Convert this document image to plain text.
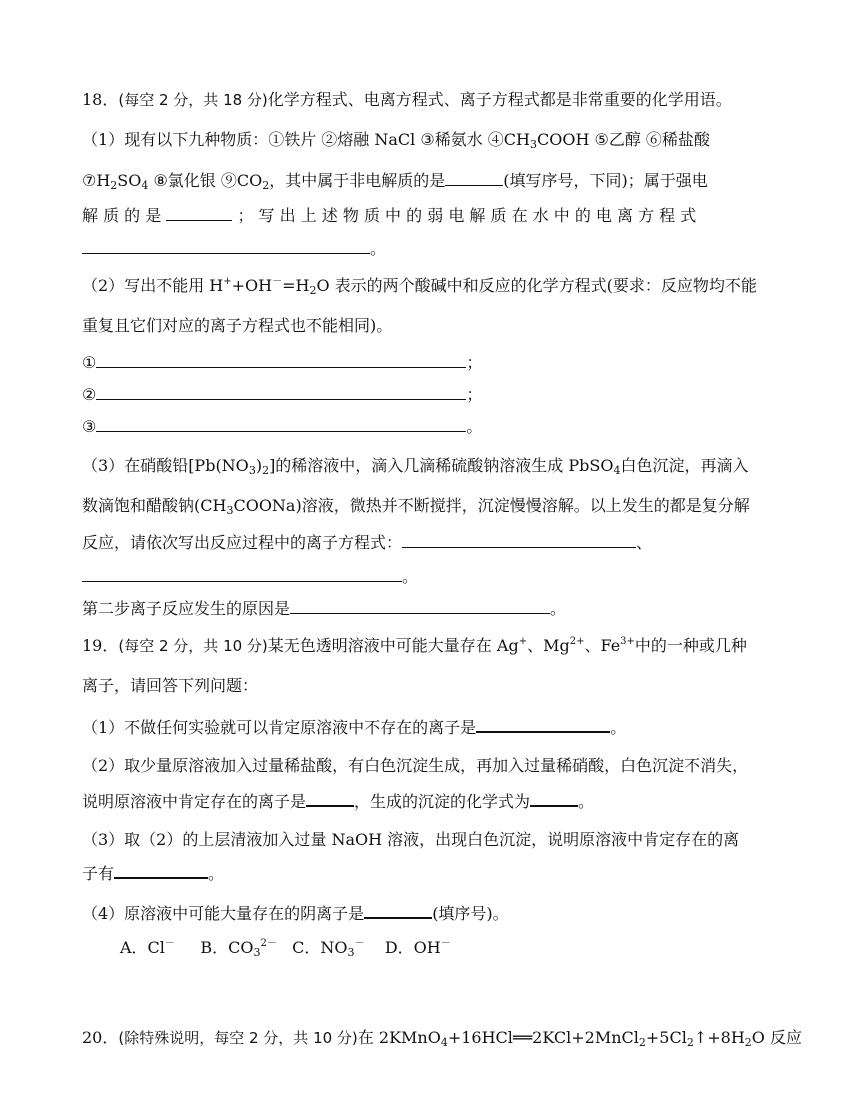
18．(每空 2 分，共 18 分)化学方程式、电离方程式、离子方程式都是非常重要的化学用语。
（1）现有以下九种物质：①铁片 ②熔融 NaCl ③稀氨水 $④CH_3COOH$ ⑤乙醇 ⑥稀盐酸
$⑦H_2SO_4$ ⑧氯化银 $⑨CO_2$，其中属于非电解质的是	(填写序号，下同)；属于强电
解 质 的 是	； 写 出 上 述 物 质 中 的 弱 电 解 质 在 水 中 的 电 离 方 程 式
。
（2）写出不能用 $H^++OH^-=H_2O$ 表示的两个酸碱中和反应的化学方程式(要求：反应物均不能
重复且它们对应的离子方程式也不能相同)。
①	；
②	；
③	。
（3）在硝酸铅$[Pb(NO_3)_2]$的稀溶液中，滴入几滴稀硫酸钠溶液生成 PbSO$_4$白色沉淀，再滴入
数滴饱和醋酸钠$(CH_3COONa)$溶液，微热并不断搅拌，沉淀慢慢溶解。以上发生的都是复分解
反应，请依次写出反应过程中的离子方程式：	、
。
第二步离子反应发生的原因是	。
19．(每空 2 分，共 10 分)某无色透明溶液中可能大量存在 Ag+、$Mg^{2+}$、$Fe^{3+}$中的一种或几种
离子，请回答下列问题：
（1）不做任何实验就可以肯定原溶液中不存在的离子是	。
（2）取少量原溶液加入过量稀盐酸，有白色沉淀生成，再加入过量稀硝酸，白色沉淀不消失，
说明原溶液中肯定存在的离子是	，生成的沉淀的化学式为	。
（3）取（2）的上层清液加入过量 NaOH 溶液，出现白色沉淀，说明原溶液中肯定存在的离
子有	。
（4）原溶液中可能大量存在的阴离子是	(填序号)。
A．Cl－ B．$CO_3^{2-}$ C．$NO_3^-$ D．OH－
20．(除特殊说明，每空 2 分，共 10 分)在 $2KMnO_4+16HCl══2KCl+2MnCl_2+5Cl_2↑+8H_2O$ 反应
